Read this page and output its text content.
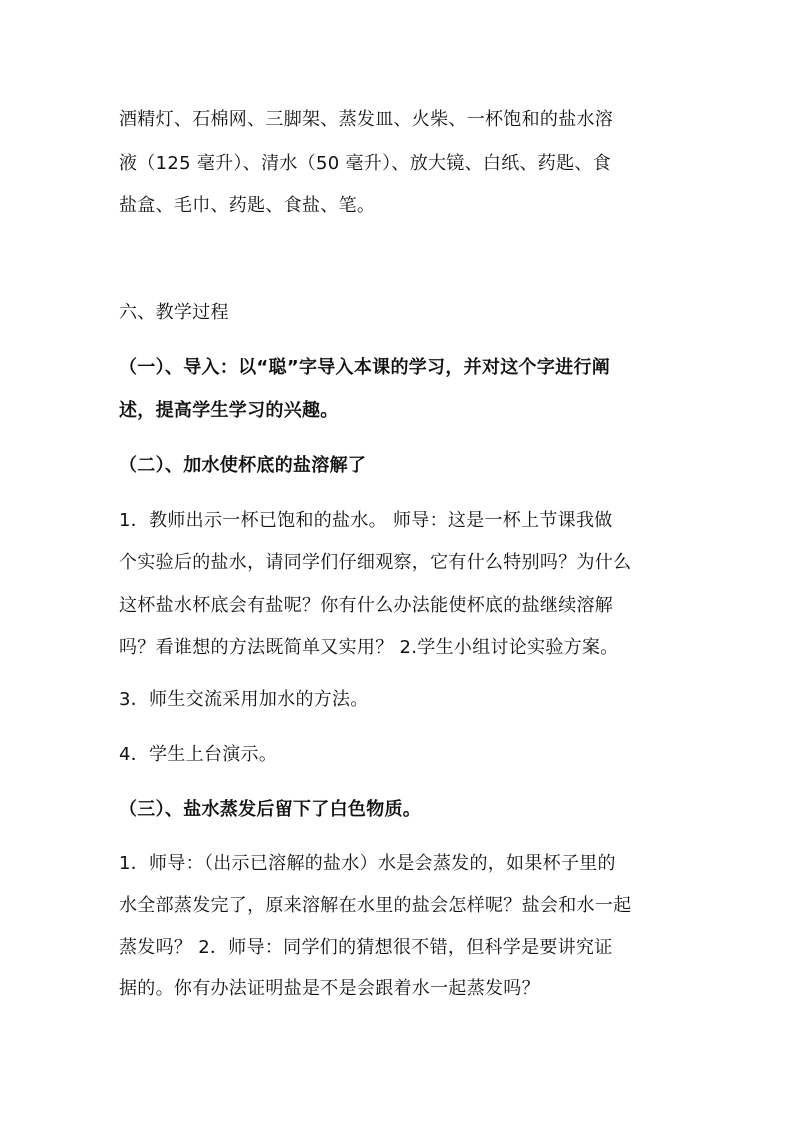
酒精灯、石棉网、三脚架、蒸发皿、火柴、一杯饱和的盐水溶
液（125 毫升）、清水（50 毫升）、放大镜、白纸、药匙、食
盐盒、毛巾、药匙、食盐、笔。
六、教学过程
（一）、导入：以“聪”字导入本课的学习，并对这个字进行阐
述，提高学生学习的兴趣。
（二）、加水使杯底的盐溶解了
1．教师出示一杯已饱和的盐水。 师导：这是一杯上节课我做
个实验后的盐水，请同学们仔细观察，它有什么特别吗？为什么
这杯盐水杯底会有盐呢？你有什么办法能使杯底的盐继续溶解
吗？看谁想的方法既简单又实用？ 2.学生小组讨论实验方案。
3．师生交流采用加水的方法。
4．学生上台演示。
（三）、盐水蒸发后留下了白色物质。
1．师导：（出示已溶解的盐水）水是会蒸发的，如果杯子里的
水全部蒸发完了，原来溶解在水里的盐会怎样呢？盐会和水一起
蒸发吗？ 2．师导：同学们的猜想很不错，但科学是要讲究证
据的。你有办法证明盐是不是会跟着水一起蒸发吗？
